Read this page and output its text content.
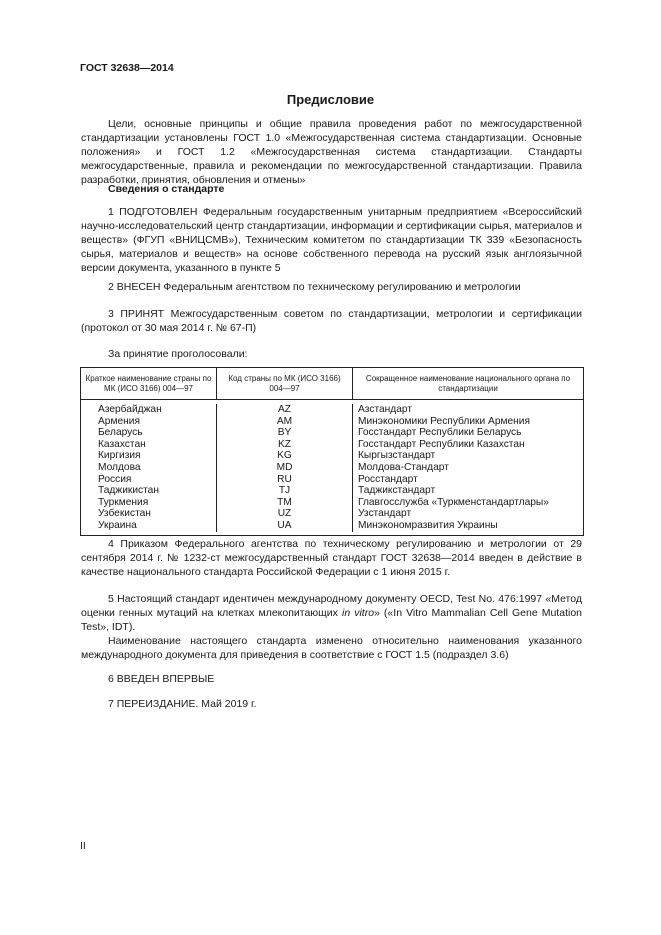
ГОСТ 32638—2014
Предисловие

Цели, основные принципы и общие правила проведения работ по межгосударственной стандартизации установлены ГОСТ 1.0 «Межгосударственная система стандартизации. Основные положения» и ГОСТ 1.2 «Межгосударственная система стандартизации. Стандарты межгосударственные, правила и рекомендации по межгосударственной стандартизации. Правила разработки, принятия, обновления и отмены»

Сведения о стандарте

1 ПОДГОТОВЛЕН Федеральным государственным унитарным предприятием «Всероссийский научно-исследовательский центр стандартизации, информации и сертификации сырья, материалов и веществ» (ФГУП «ВНИЦСМВ»), Техническим комитетом по стандартизации ТК 339 «Безопасность сырья, материалов и веществ» на основе собственного перевода на русский язык англоязычной версии документа, указанного в пункте 5

2 ВНЕСЕН Федеральным агентством по техническому регулированию и метрологии

3 ПРИНЯТ Межгосударственным советом по стандартизации, метрологии и сертификации (протокол от 30 мая 2014 г. № 67-П)

За принятие проголосовали:

Краткое наименование страны по МК (ИСО 3166) 004—97
Код страны по МК (ИСО 3166) 004—97
Сокращенное наименование национального органа по стандартизации
Азербайджан
Армения
Беларусь
Казахстан
Киргизия
Молдова
Россия
Таджикистан
Туркмения
Узбекистан
Украина
AZ
AM
BY
KZ
KG
MD
RU
TJ
TM
UZ
UA
Азстандарт
Минэкономики Республики Армения
Госстандарт Республики Беларусь
Госстандарт Республики Казахстан
Кыргызстандарт
Молдова-Стандарт
Росстандарт
Таджикстандарт
Главгосслужба «Туркменстандартлары»
Узстандарт
Минэкономразвития Украины

4 Приказом Федерального агентства по техническому регулированию и метрологии от 29 сентября 2014 г. № 1232-ст межгосударственный стандарт ГОСТ 32638—2014 введен в действие в качестве национального стандарта Российской Федерации с 1 июня 2015 г.

5 Настоящий стандарт идентичен международному документу OECD, Test No. 476:1997 «Метод оценки генных мутаций на клетках млекопитающих in vitro» («In Vitro Mammalian Cell Gene Mutation Test», IDT).

Наименование настоящего стандарта изменено относительно наименования указанного международного документа для приведения в соответствие с ГОСТ 1.5 (подраздел 3.6)

6 ВВЕДЕН ВПЕРВЫЕ

7 ПЕРЕИЗДАНИЕ. Май 2019 г.

II
